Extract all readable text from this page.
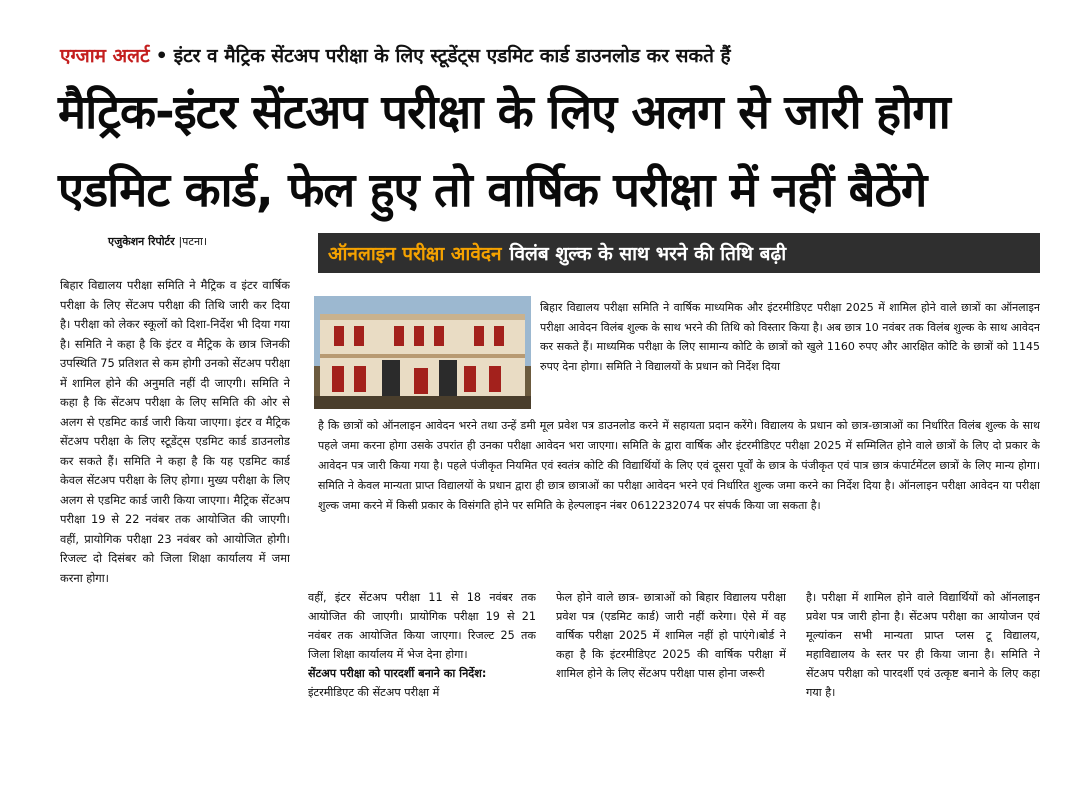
एग्जाम अलर्ट • इंटर व मैट्रिक सेंटअप परीक्षा के लिए स्टूडेंट्स एडमिट कार्ड डाउनलोड कर सकते हैं
मैट्रिक-इंटर सेंटअप परीक्षा के लिए अलग से जारी होगा
एडमिट कार्ड, फेल हुए तो वार्षिक परीक्षा में नहीं बैठेंगे
एजुकेशन रिपोर्टर |पटना।
ऑनलाइन परीक्षा आवेदन विलंब शुल्क के साथ भरने की तिथि बढ़ी
बिहार विद्यालय परीक्षा समिति ने मैट्रिक व इंटर वार्षिक परीक्षा के लिए सेंटअप परीक्षा की तिथि जारी कर दिया है। परीक्षा को लेकर स्कूलों को दिशा-निर्देश भी दिया गया है। समिति ने कहा है कि इंटर व मैट्रिक के छात्र जिनकी उपस्थिति 75 प्रतिशत से कम होगी उनको सेंटअप परीक्षा में शामिल होने की अनुमति नहीं दी जाएगी। समिति ने कहा है कि सेंटअप परीक्षा के लिए समिति की ओर से अलग से एडमिट कार्ड जारी किया जाएगा। इंटर व मैट्रिक सेंटअप परीक्षा के लिए स्टूडेंट्स एडमिट कार्ड डाउनलोड कर सकते हैं। समिति ने कहा है कि यह एडमिट कार्ड केवल सेंटअप परीक्षा के लिए होगा। मुख्य परीक्षा के लिए अलग से एडमिट कार्ड जारी किया जाएगा। मैट्रिक सेंटअप परीक्षा 19 से 22 नवंबर तक आयोजित की जाएगी। वहीं, प्रायोगिक परीक्षा 23 नवंबर को आयोजित होगी। रिजल्ट दो दिसंबर को जिला शिक्षा कार्यालय में जमा करना होगा।
बिहार विद्यालय परीक्षा समिति ने वार्षिक माध्यमिक और इंटरमीडिएट परीक्षा 2025 में शामिल होने वाले छात्रों का ऑनलाइन परीक्षा आवेदन विलंब शुल्क के साथ भरने की तिथि को विस्तार किया है। अब छात्र 10 नवंबर तक विलंब शुल्क के साथ आवेदन कर सकते हैं। माध्यमिक परीक्षा के लिए सामान्य कोटि के छात्रों को खुले 1160 रुपए और आरक्षित कोटि के छात्रों को 1145 रुपए देना होगा। समिति ने विद्यालयों के प्रधान को निर्देश दिया
है कि छात्रों को ऑनलाइन आवेदन भरने तथा उन्हें डमी मूल प्रवेश पत्र डाउनलोड करने में सहायता प्रदान करेंगे। विद्यालय के प्रधान को छात्र-छात्राओं का निर्धारित विलंब शुल्क के साथ पहले जमा करना होगा उसके उपरांत ही उनका परीक्षा आवेदन भरा जाएगा। समिति के द्वारा वार्षिक और इंटरमीडिएट परीक्षा 2025 में सम्मिलित होने वाले छात्रों के लिए दो प्रकार के आवेदन पत्र जारी किया गया है। पहले पंजीकृत नियमित एवं स्वतंत्र कोटि की विद्यार्थियों के लिए एवं दूसरा पूर्वों के छात्र के पंजीकृत एवं पात्र छात्र कंपार्टमेंटल छात्रों के लिए मान्य होगा। समिति ने केवल मान्यता प्राप्त विद्यालयों के प्रधान द्वारा ही छात्र छात्राओं का परीक्षा आवेदन भरने एवं निर्धारित शुल्क जमा करने का निर्देश दिया है। ऑनलाइन परीक्षा आवेदन या परीक्षा शुल्क जमा करने में किसी प्रकार के विसंगति होने पर समिति के हेल्पलाइन नंबर 0612232074 पर संपर्क किया जा सकता है।
वहीं, इंटर सेंटअप परीक्षा 11 से 18 नवंबर तक आयोजित की जाएगी। प्रायोगिक परीक्षा 19 से 21 नवंबर तक आयोजित किया जाएगा। रिजल्ट 25 तक जिला शिक्षा कार्यालय में भेज देना होगा।
सेंटअप परीक्षा को पारदर्शी बनाने का निर्देश:
इंटरमीडिएट की सेंटअप परीक्षा में
फेल होने वाले छात्र- छात्राओं को बिहार विद्यालय परीक्षा प्रवेश पत्र (एडमिट कार्ड) जारी नहीं करेगा। ऐसे में वह वार्षिक परीक्षा 2025 में शामिल नहीं हो पाएंगे।बोर्ड ने कहा है कि इंटरमीडिएट 2025 की वार्षिक परीक्षा में शामिल होने के लिए सेंटअप परीक्षा पास होना जरूरी
है। परीक्षा में शामिल होने वाले विद्यार्थियों को ऑनलाइन प्रवेश पत्र जारी होना है। सेंटअप परीक्षा का आयोजन एवं मूल्यांकन सभी मान्यता प्राप्त प्लस टू विद्यालय, महाविद्यालय के स्तर पर ही किया जाना है। समिति ने सेंटअप परीक्षा को पारदर्शी एवं उत्कृष्ट बनाने के लिए कहा गया है।
